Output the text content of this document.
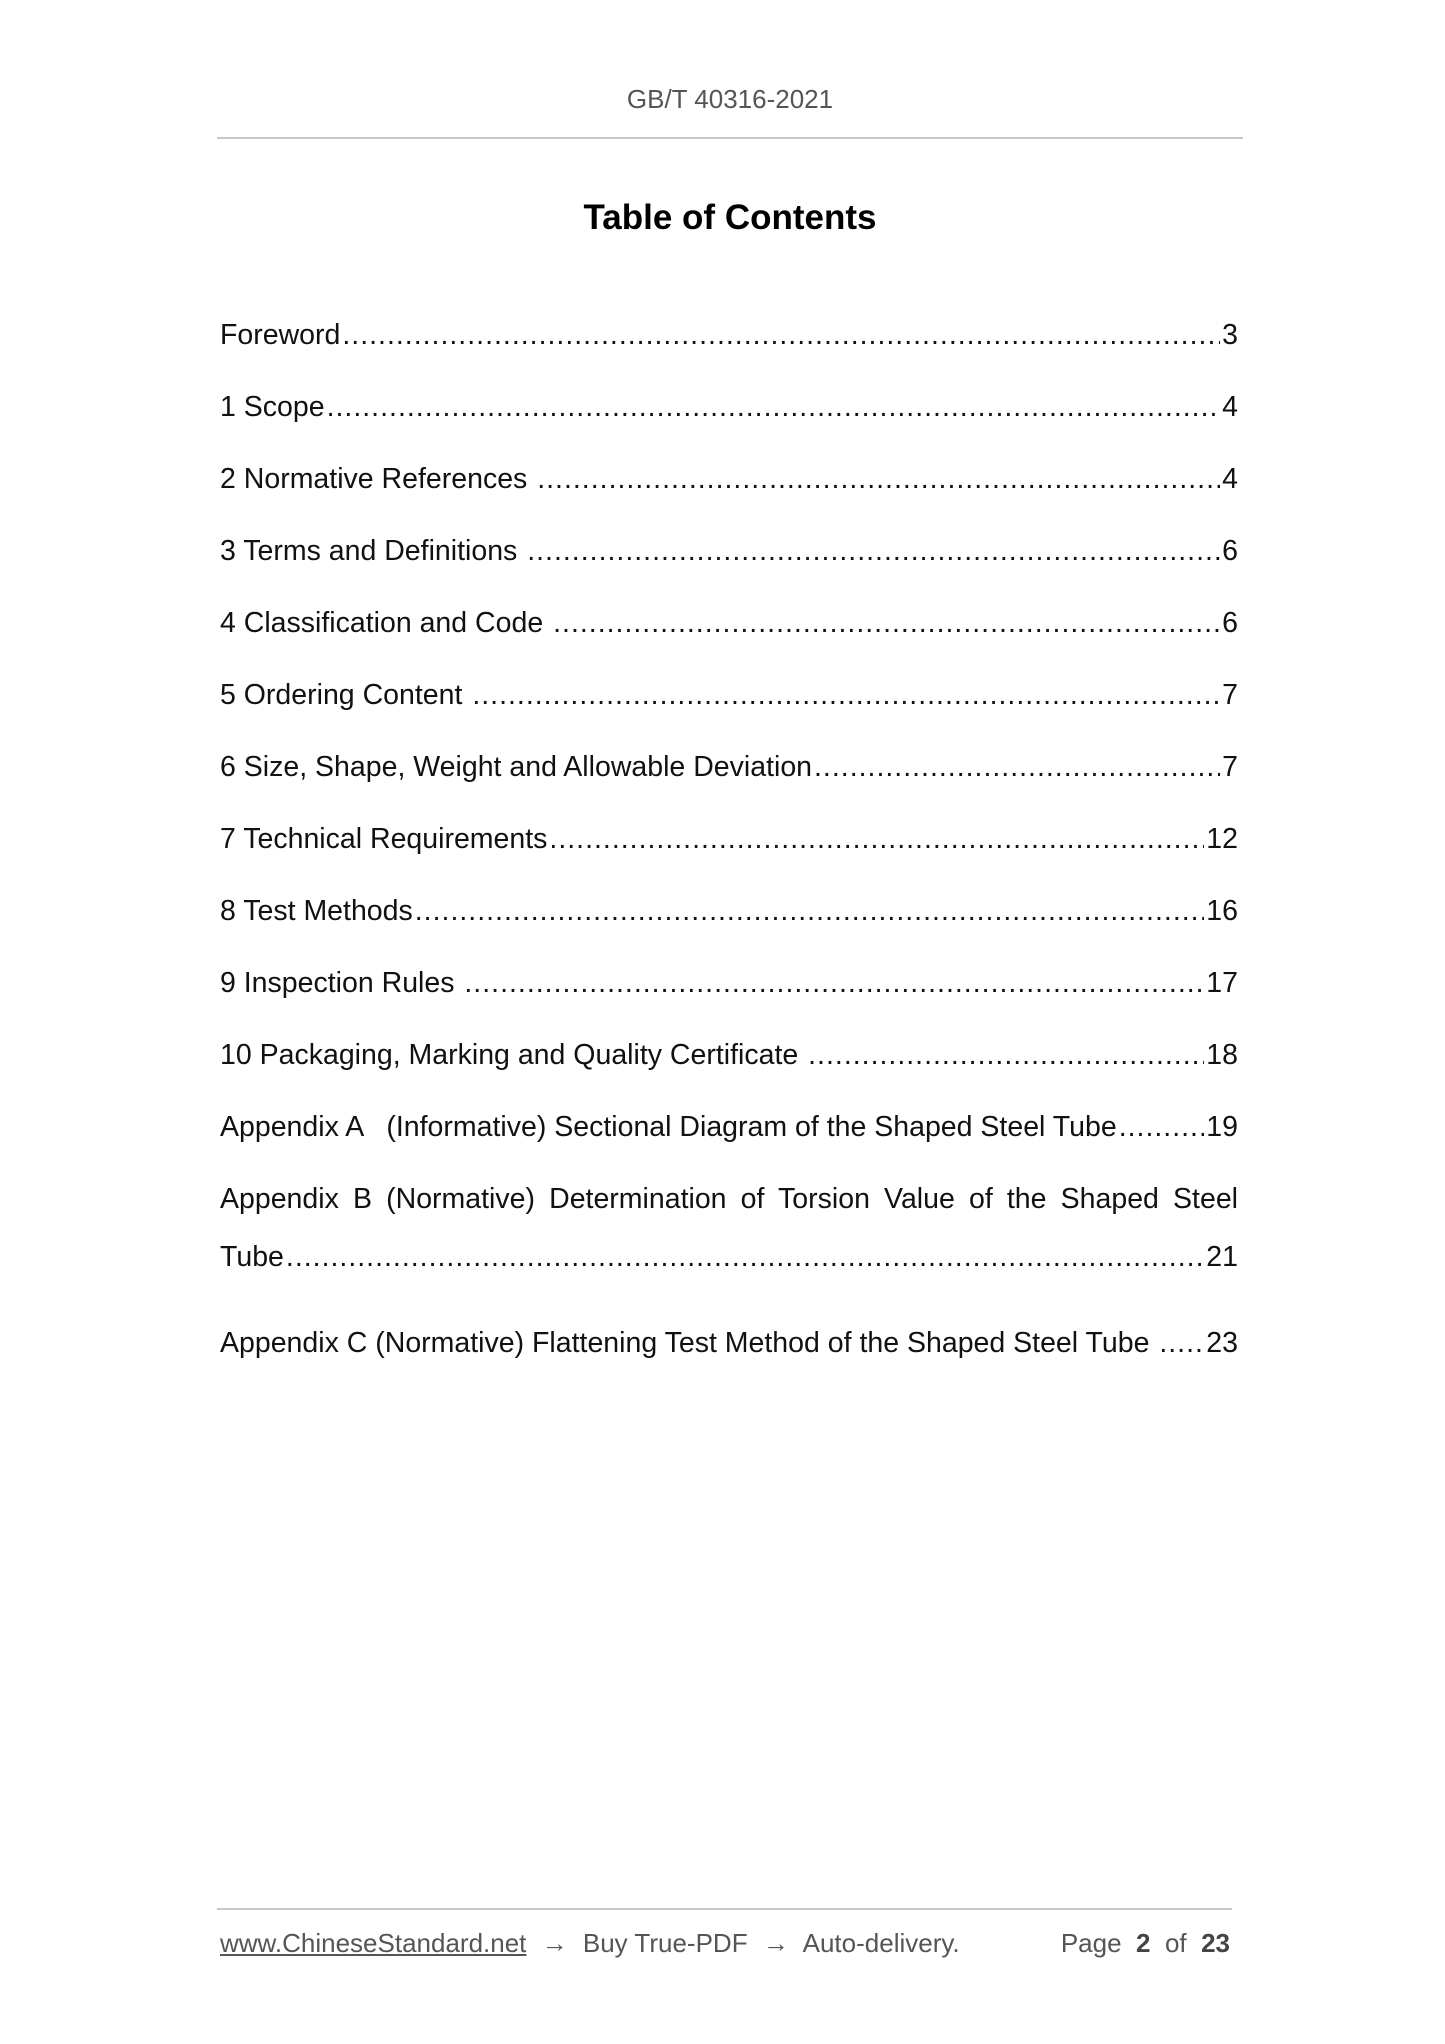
GB/T 40316-2021
Table of Contents
Foreword .....	3
1 Scope .....	4
2 Normative References .....	4
3 Terms and Definitions .....	6
4 Classification and Code .....	6
5 Ordering Content .....	7
6 Size, Shape, Weight and Allowable Deviation .....	7
7 Technical Requirements .....	12
8 Test Methods .....	16
9 Inspection Rules .....	17
10 Packaging, Marking and Quality Certificate .....	18
Appendix A   (Informative) Sectional Diagram of the Shaped Steel Tube .....	19
Appendix B (Normative) Determination of Torsion Value of the Shaped Steel
Tube .....	21
Appendix C (Normative) Flattening Test Method of the Shaped Steel Tube ..... 23
www.ChineseStandard.net → Buy True-PDF → Auto-delivery.	Page 2 of 23
